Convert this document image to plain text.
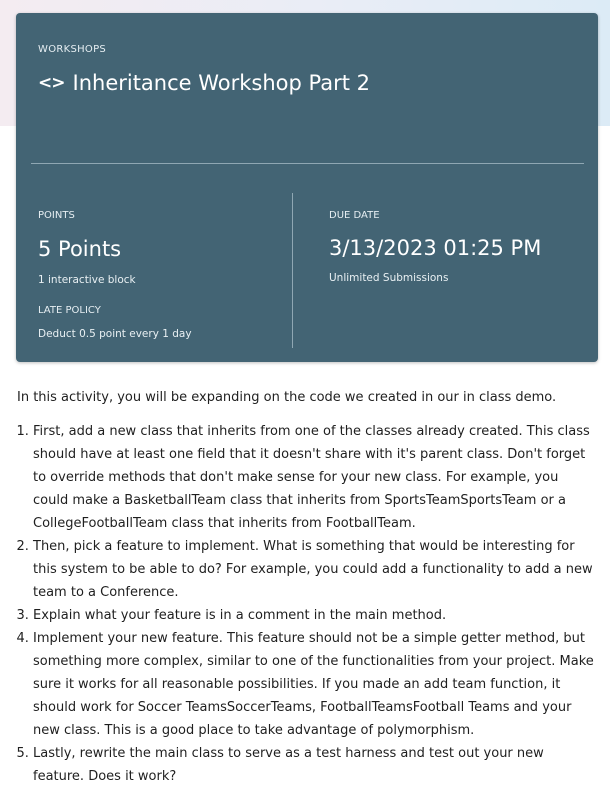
WORKSHOPS
<> Inheritance Workshop Part 2
POINTS
5 Points
1 interactive block
LATE POLICY
Deduct 0.5 point every 1 day
DUE DATE
3/13/2023 01:25 PM
Unlimited Submissions

In this activity, you will be expanding on the code we created in our in class demo.

1. First, add a new class that inherits from one of the classes already created. This class should have at least one field that it doesn't share with it's parent class. Don't forget to override methods that don't make sense for your new class. For example, you could make a BasketballTeam class that inherits from SportsTeamSportsTeam or a CollegeFootballTeam class that inherits from FootballTeam.
2. Then, pick a feature to implement. What is something that would be interesting for this system to be able to do? For example, you could add a functionality to add a new team to a Conference.
3. Explain what your feature is in a comment in the main method.
4. Implement your new feature. This feature should not be a simple getter method, but something more complex, similar to one of the functionalities from your project. Make sure it works for all reasonable possibilities. If you made an add team function, it should work for Soccer TeamsSoccerTeams, FootballTeamsFootball Teams and your new class. This is a good place to take advantage of polymorphism.
5. Lastly, rewrite the main class to serve as a test harness and test out your new feature. Does it work?
